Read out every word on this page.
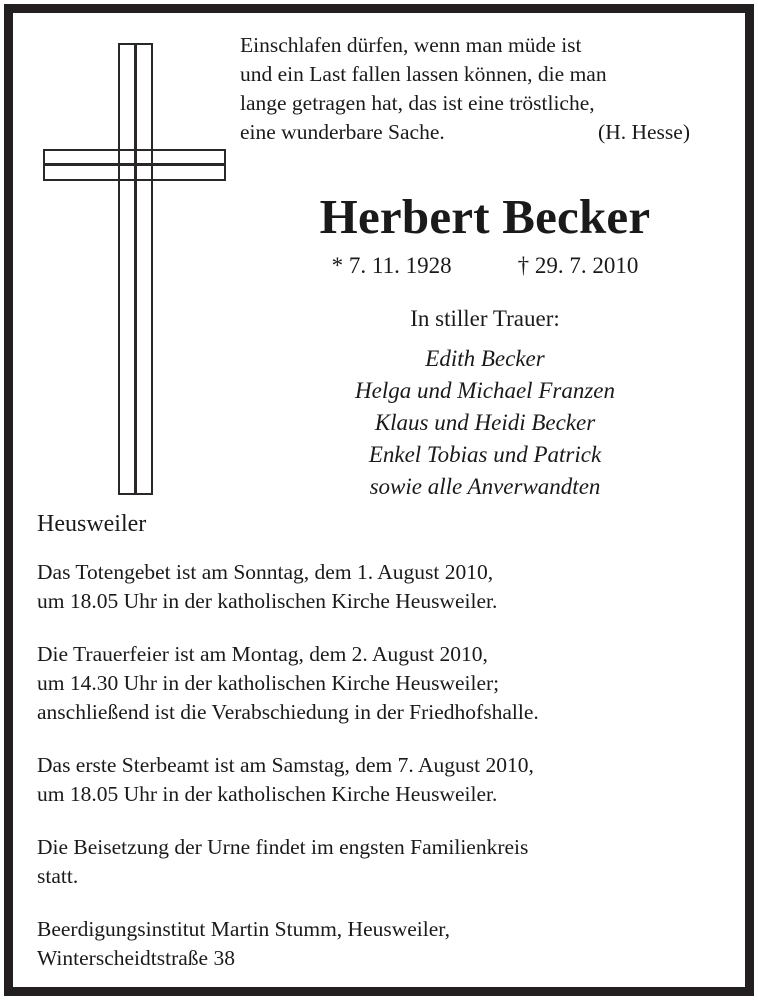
Einschlafen dürfen, wenn man müde ist
und ein Last fallen lassen können, die man
lange getragen hat, das ist eine tröstliche,
eine wunderbare Sache.	(H. Hesse)
Herbert Becker
* 7. 11. 1928	† 29. 7. 2010
In stiller Trauer:
Edith Becker
Helga und Michael Franzen
Klaus und Heidi Becker
Enkel Tobias und Patrick
sowie alle Anverwandten
Heusweiler
Das Totengebet ist am Sonntag, dem 1. August 2010,
um 18.05 Uhr in der katholischen Kirche Heusweiler.
Die Trauerfeier ist am Montag, dem 2. August 2010,
um 14.30 Uhr in der katholischen Kirche Heusweiler;
anschließend ist die Verabschiedung in der Friedhofshalle.
Das erste Sterbeamt ist am Samstag, dem 7. August 2010,
um 18.05 Uhr in der katholischen Kirche Heusweiler.
Die Beisetzung der Urne findet im engsten Familienkreis
statt.
Beerdigungsinstitut Martin Stumm, Heusweiler,
Winterscheidtstraße 38
